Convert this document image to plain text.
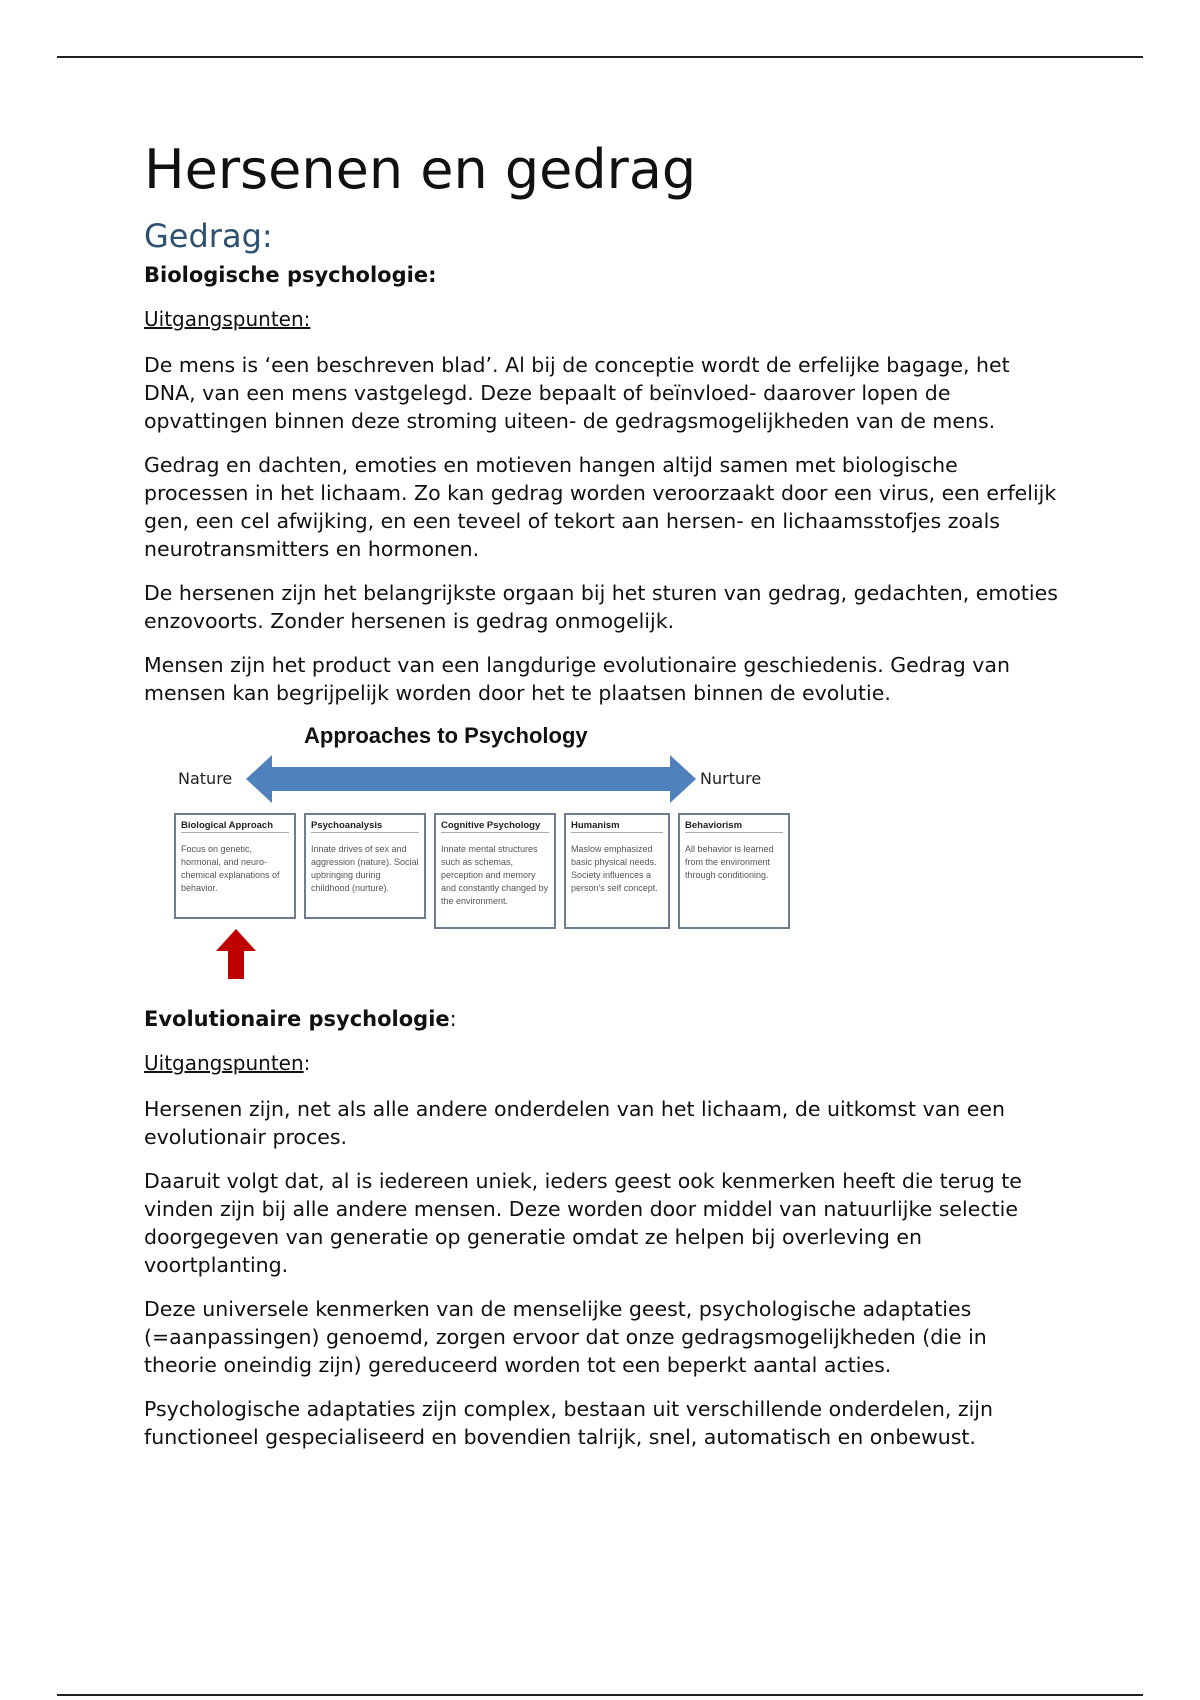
Hersenen en gedrag
Gedrag:
Biologische psychologie:
Uitgangspunten:

De mens is ‘een beschreven blad’. Al bij de conceptie wordt de erfelijke bagage, het DNA, van een mens vastgelegd. Deze bepaalt of beïnvloed- daarover lopen de opvattingen binnen deze stroming uiteen- de gedragsmogelijkheden van de mens.

Gedrag en dachten, emoties en motieven hangen altijd samen met biologische processen in het lichaam. Zo kan gedrag worden veroorzaakt door een virus, een erfelijk gen, een cel afwijking, en een teveel of tekort aan hersen- en lichaamsstofjes zoals neurotransmitters en hormonen.

De hersenen zijn het belangrijkste orgaan bij het sturen van gedrag, gedachten, emoties enzovoorts. Zonder hersenen is gedrag onmogelijk.

Mensen zijn het product van een langdurige evolutionaire geschiedenis. Gedrag van mensen kan begrijpelijk worden door het te plaatsen binnen de evolutie.

Approaches to Psychology
Nature	Nurture
Biological Approach
Focus on genetic, hormonal, and neuro-chemical explanations of behavior.
Psychoanalysis
Innate drives of sex and aggression (nature). Social upbringing during childhood (nurture).
Cognitive Psychology
Innate mental structures such as schemas, perception and memory and constantly changed by the environment.
Humanism
Maslow emphasized basic physical needs. Society influences a person's self concept.
Behaviorism
All behavior is learned from the environment through conditioning.
Evolutionaire psychologie:
Uitgangspunten:

Hersenen zijn, net als alle andere onderdelen van het lichaam, de uitkomst van een evolutionair proces.

Daaruit volgt dat, al is iedereen uniek, ieders geest ook kenmerken heeft die terug te vinden zijn bij alle andere mensen. Deze worden door middel van natuurlijke selectie doorgegeven van generatie op generatie omdat ze helpen bij overleving en voortplanting.

Deze universele kenmerken van de menselijke geest, psychologische adaptaties (=aanpassingen) genoemd, zorgen ervoor dat onze gedragsmogelijkheden (die in theorie oneindig zijn) gereduceerd worden tot een beperkt aantal acties.

Psychologische adaptaties zijn complex, bestaan uit verschillende onderdelen, zijn functioneel gespecialiseerd en bovendien talrijk, snel, automatisch en onbewust.
